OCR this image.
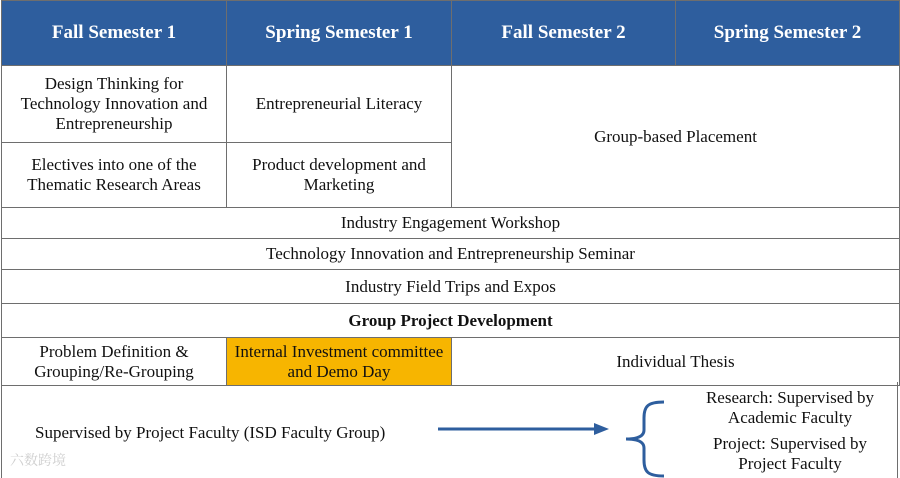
Fall Semester 1	Spring Semester 1	Fall Semester 2	Spring Semester 2
Design Thinking for Technology Innovation and Entrepreneurship	Entrepreneurial Literacy	Group-based Placement	
Electives into one of the Thematic Research Areas	Product development and Marketing		
Industry Engagement Workshop			
Technology Innovation and Entrepreneurship Seminar			
Industry Field Trips and Expos			
Group Project Development			
Problem Definition & Grouping/Re-Grouping	Internal Investment committee and Demo Day	Individual Thesis	
Supervised by Project Faculty (ISD Faculty Group)
Research: Supervised by Academic Faculty
Project: Supervised by Project Faculty
六数跨境
